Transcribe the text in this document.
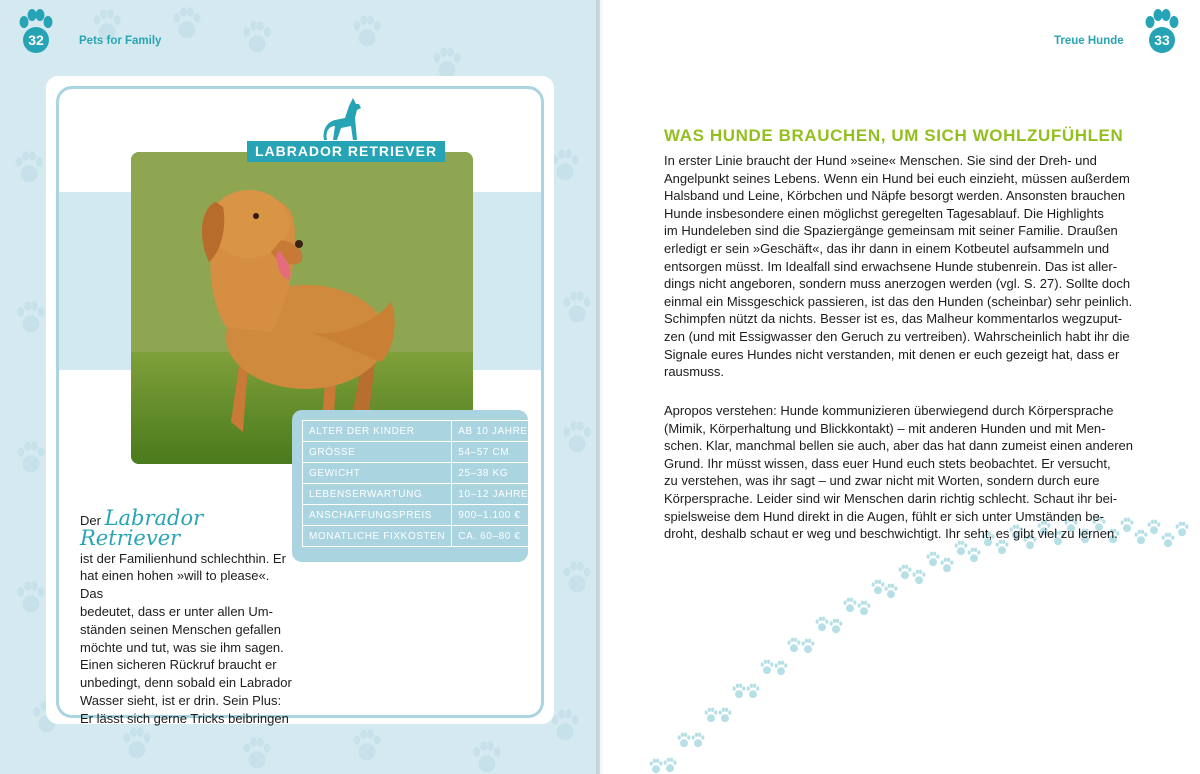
32	Pets for Family
LABRADOR RETRIEVER
ALTER DER KINDER	AB 10 JAHRE
GRÖSSE	54–57 CM
GEWICHT	25–38 KG
LEBENSERWARTUNG	10–12 JAHRE
ANSCHAFFUNGSPREIS	900–1.100 €
MONATLICHE FIXKOSTEN	CA. 60–80 €
Der Labrador Retriever
ist der Familienhund schlechthin. Er
hat einen hohen »will to please«. Das
bedeutet, dass er unter allen Um-
ständen seinen Menschen gefallen
möchte und tut, was sie ihm sagen.
Einen sicheren Rückruf braucht er
unbedingt, denn sobald ein Labrador
Wasser sieht, ist er drin. Sein Plus:
Er lässt sich gerne Tricks beibringen
Treue Hunde	33
WAS HUNDE BRAUCHEN, UM SICH WOHLZUFÜHLEN
In erster Linie braucht der Hund »seine« Menschen. Sie sind der Dreh- und
Angelpunkt seines Lebens. Wenn ein Hund bei euch einzieht, müssen außerdem
Halsband und Leine, Körbchen und Näpfe besorgt werden. Ansonsten brauchen
Hunde insbesondere einen möglichst geregelten Tagesablauf. Die Highlights
im Hundeleben sind die Spaziergänge gemeinsam mit seiner Familie. Draußen
erledigt er sein »Geschäft«, das ihr dann in einem Kotbeutel aufsammeln und
entsorgen müsst. Im Idealfall sind erwachsene Hunde stubenrein. Das ist aller-
dings nicht angeboren, sondern muss anerzogen werden (vgl. S. 27). Sollte doch
einmal ein Missgeschick passieren, ist das den Hunden (scheinbar) sehr peinlich.
Schimpfen nützt da nichts. Besser ist es, das Malheur kommentarlos wegzuput-
zen (und mit Essigwasser den Geruch zu vertreiben). Wahrscheinlich habt ihr die
Signale eures Hundes nicht verstanden, mit denen er euch gezeigt hat, dass er
rausmuss.
Apropos verstehen: Hunde kommunizieren überwiegend durch Körpersprache
(Mimik, Körperhaltung und Blickkontakt) – mit anderen Hunden und mit Men-
schen. Klar, manchmal bellen sie auch, aber das hat dann zumeist einen anderen
Grund. Ihr müsst wissen, dass euer Hund euch stets beobachtet. Er versucht,
zu verstehen, was ihr sagt – und zwar nicht mit Worten, sondern durch eure
Körpersprache. Leider sind wir Menschen darin richtig schlecht. Schaut ihr bei-
spielsweise dem Hund direkt in die Augen, fühlt er sich unter Umständen be-
droht, deshalb schaut er weg und beschwichtigt. Ihr seht, es gibt viel zu lernen.
